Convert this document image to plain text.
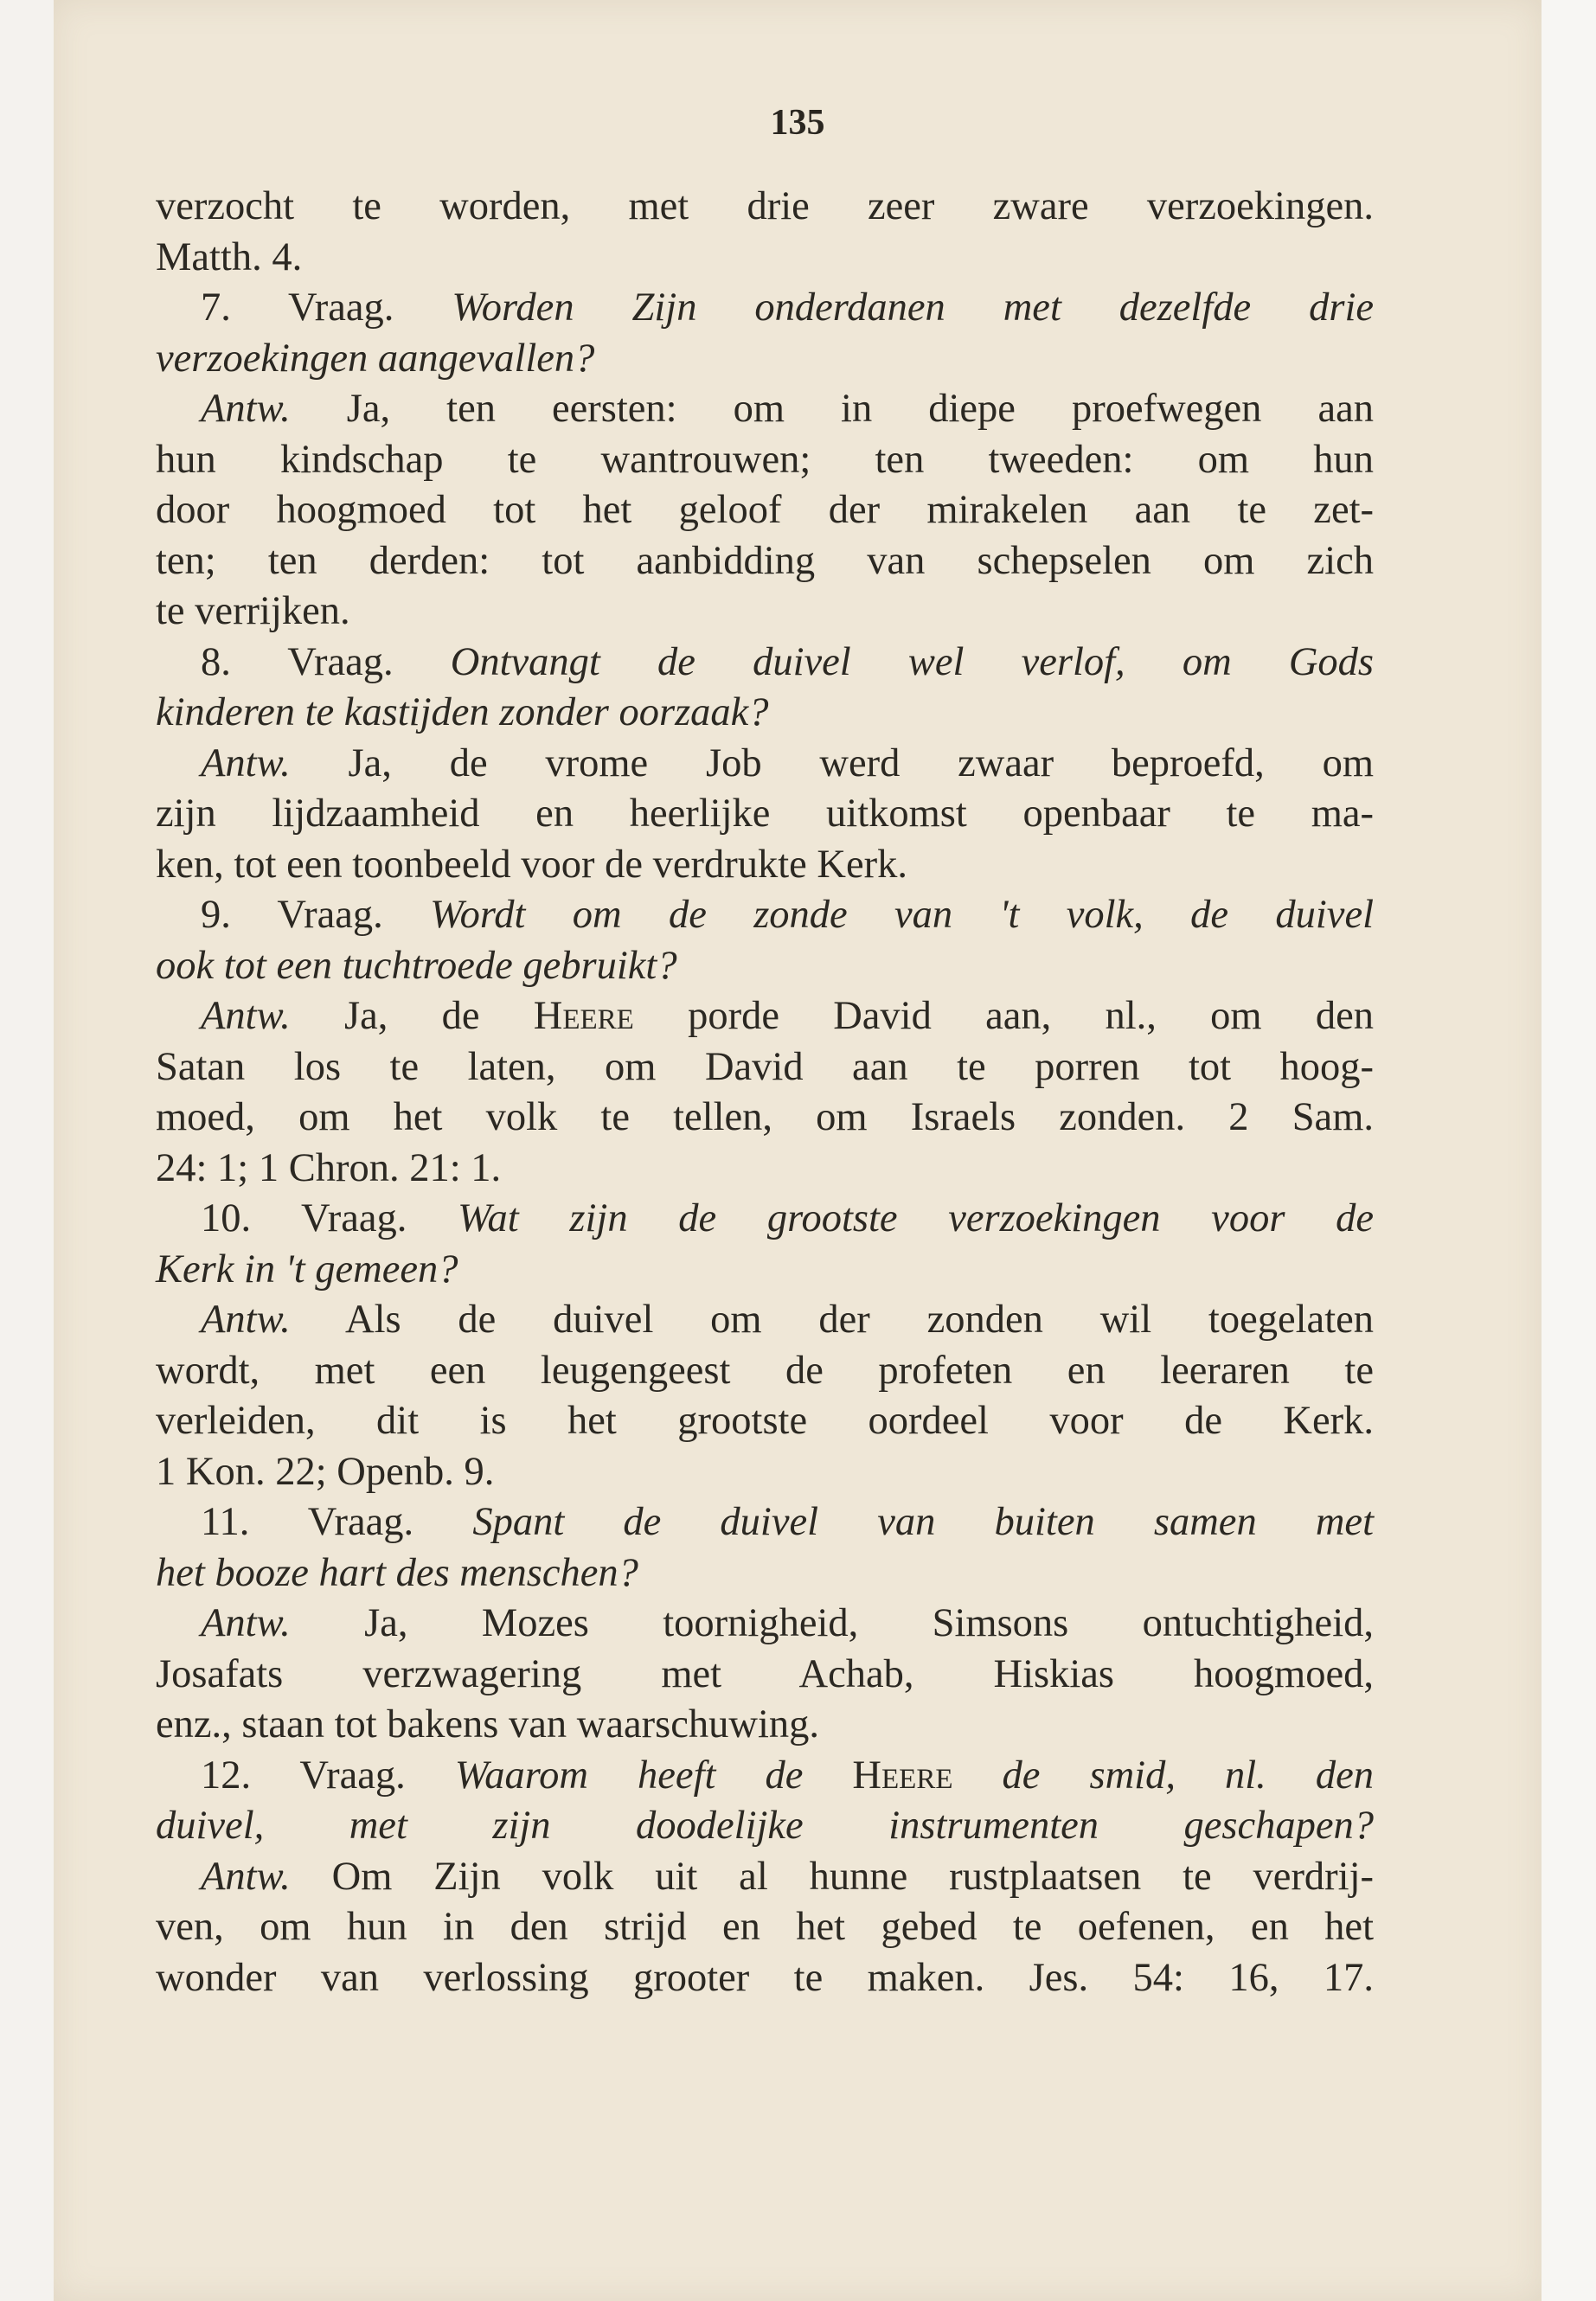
135
verzocht te worden, met drie zeer zware verzoekingen.
Matth. 4.
7. Vraag. Worden Zijn onderdanen met dezelfde drie
verzoekingen aangevallen?
Antw. Ja, ten eersten: om in diepe proefwegen aan
hun kindschap te wantrouwen; ten tweeden: om hun
door hoogmoed tot het geloof der mirakelen aan te zet-
ten; ten derden: tot aanbidding van schepselen om zich
te verrijken.
8. Vraag. Ontvangt de duivel wel verlof, om Gods
kinderen te kastijden zonder oorzaak?
Antw. Ja, de vrome Job werd zwaar beproefd, om
zijn lijdzaamheid en heerlijke uitkomst openbaar te ma-
ken, tot een toonbeeld voor de verdrukte Kerk.
9. Vraag. Wordt om de zonde van 't volk, de duivel
ook tot een tuchtroede gebruikt?
Antw. Ja, de Heere porde David aan, nl., om den
Satan los te laten, om David aan te porren tot hoog-
moed, om het volk te tellen, om Israels zonden. 2 Sam.
24: 1; 1 Chron. 21: 1.
10. Vraag. Wat zijn de grootste verzoekingen voor de
Kerk in 't gemeen?
Antw. Als de duivel om der zonden wil toegelaten
wordt, met een leugengeest de profeten en leeraren te
verleiden, dit is het grootste oordeel voor de Kerk.
1 Kon. 22; Openb. 9.
11. Vraag. Spant de duivel van buiten samen met
het booze hart des menschen?
Antw. Ja, Mozes toornigheid, Simsons ontuchtigheid,
Josafats verzwagering met Achab, Hiskias hoogmoed,
enz., staan tot bakens van waarschuwing.
12. Vraag. Waarom heeft de Heere de smid, nl. den
duivel, met zijn doodelijke instrumenten geschapen?
Antw. Om Zijn volk uit al hunne rustplaatsen te verdrij-
ven, om hun in den strijd en het gebed te oefenen, en het
wonder van verlossing grooter te maken. Jes. 54: 16, 17.
